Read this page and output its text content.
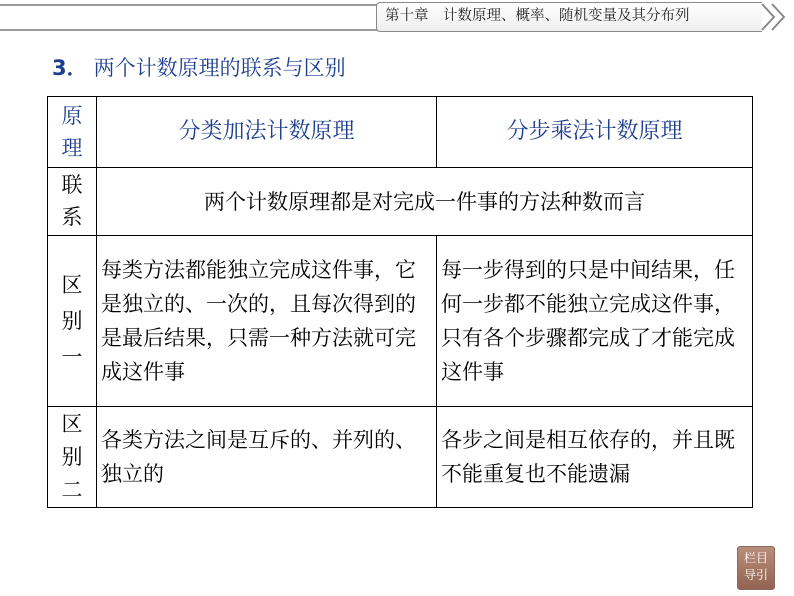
第十章　计数原理、概率、随机变量及其分布列
3． 两个计数原理的联系与区别
原理	分类加法计数原理	分步乘法计数原理
联系	两个计数原理都是对完成一件事的方法种数而言	
区别一	每类方法都能独立完成这件事，它是独立的、一次的，且每次得到的是最后结果，只需一种方法就可完成这件事	每一步得到的只是中间结果，任何一步都不能独立完成这件事，只有各个步骤都完成了才能完成这件事
区别二	各类方法之间是互斥的、并列的、独立的	各步之间是相互依存的，并且既不能重复也不能遗漏
栏目导引
